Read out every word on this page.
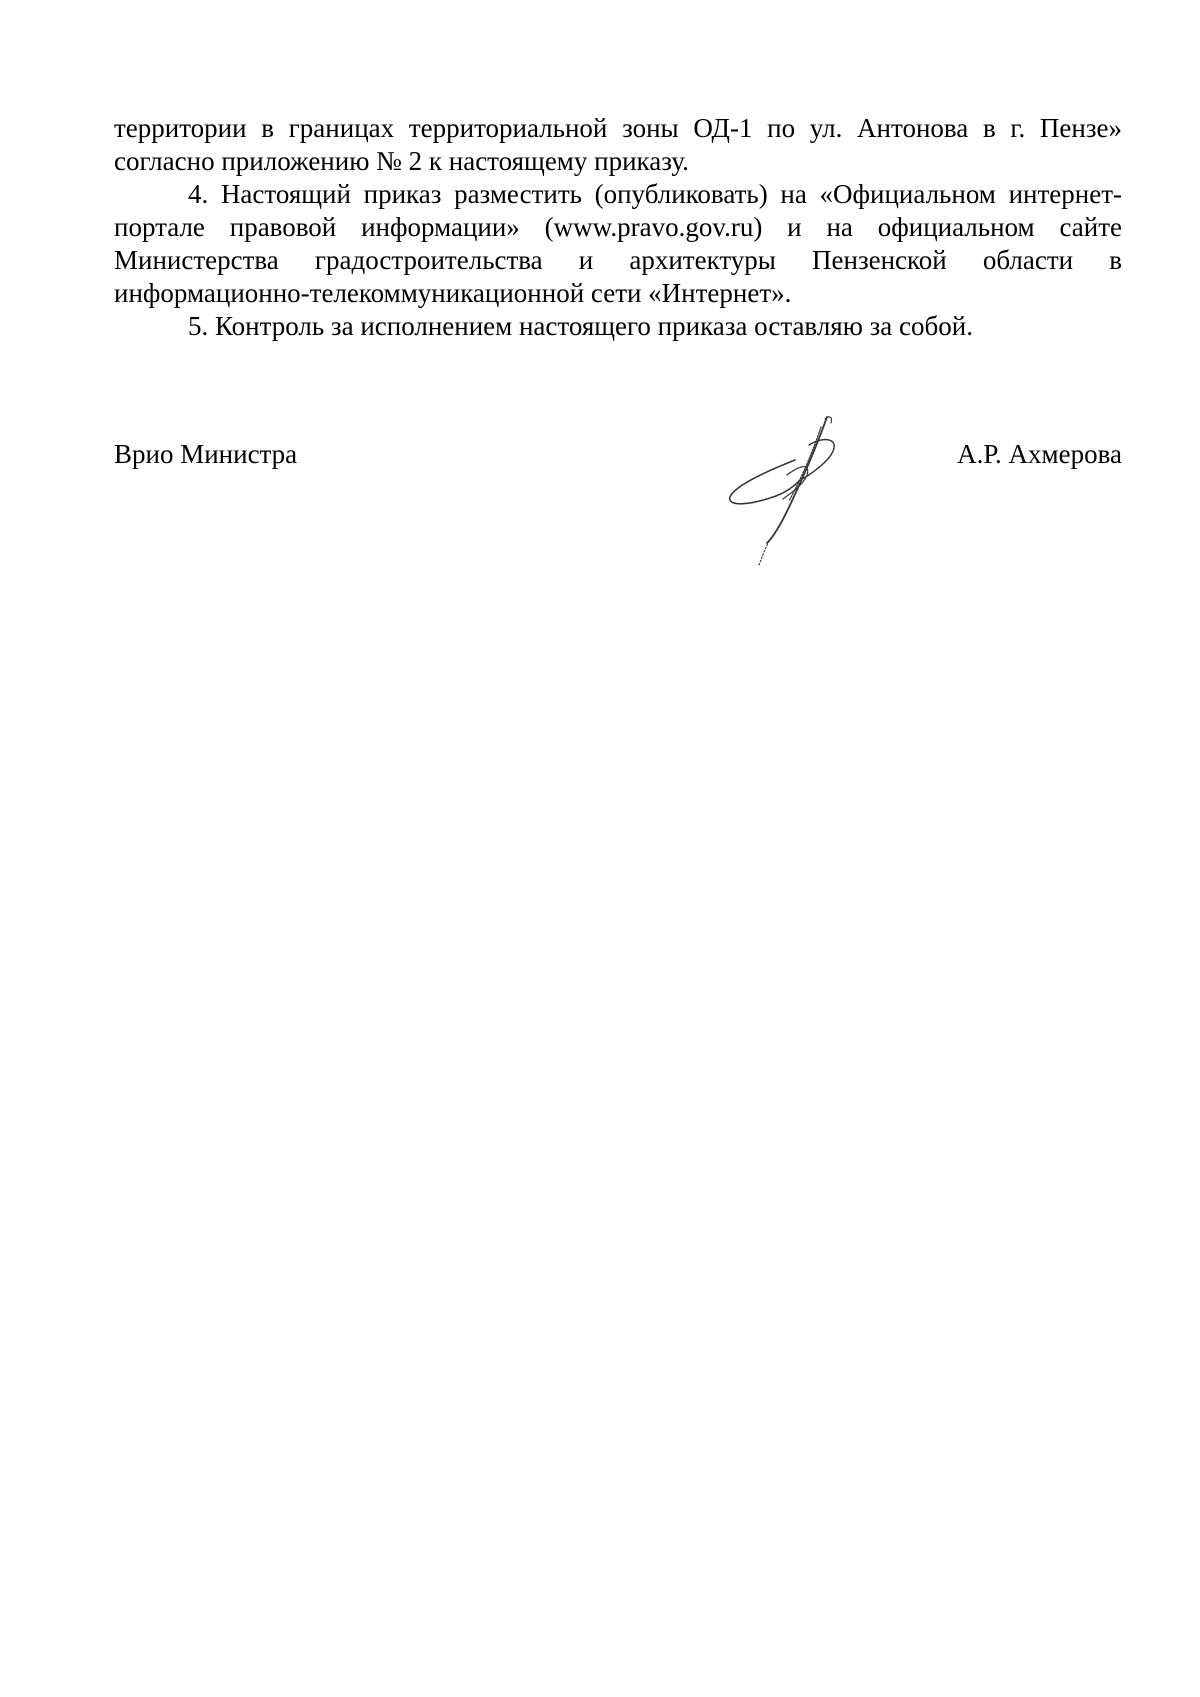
территории в границах территориальной зоны ОД-1 по ул. Антонова в г. Пензе» согласно приложению № 2 к настоящему приказу.

4. Настоящий приказ разместить (опубликовать) на «Официальном интернет-портале правовой информации» (www.pravo.gov.ru) и на официальном сайте Министерства градостроительства и архитектуры Пензенской области в информационно-телекоммуникационной сети «Интернет».

5. Контроль за исполнением настоящего приказа оставляю за собой.

Врио Министра	А.Р. Ахмерова
